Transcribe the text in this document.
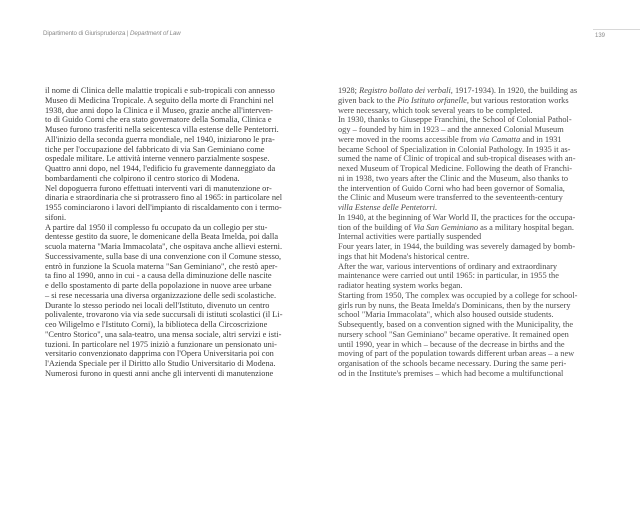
Dipartimento di Giurisprudenza | Department of Law	139
il nome di Clinica delle malattie tropicali e sub-tropicali con annesso
Museo di Medicina Tropicale. A seguito della morte di Franchini nel
1938, due anni dopo la Clinica e il Museo, grazie anche all'interven-
to di Guido Corni che era stato governatore della Somalia, Clinica e
Museo furono trasferiti nella seicentesca villa estense delle Pentetorri.
All'inizio della seconda guerra mondiale, nel 1940, iniziarono le pra-
tiche per l'occupazione del fabbricato di via San Geminiano come
ospedale militare. Le attività interne vennero parzialmente sospese.
Quattro anni dopo, nel 1944, l'edificio fu gravemente danneggiato da
bombardamenti che colpirono il centro storico di Modena.
Nel dopoguerra furono effettuati interventi vari di manutenzione or-
dinaria e straordinaria che si protrassero fino al 1965: in particolare nel
1955 cominciarono i lavori dell'impianto di riscaldamento con i termo-
sifoni.
A partire dal 1950 il complesso fu occupato da un collegio per stu-
dentesse gestito da suore, le domenicane della Beata Imelda, poi dalla
scuola materna "Maria Immacolata", che ospitava anche allievi esterni.
Successivamente, sulla base di una convenzione con il Comune stesso,
entrò in funzione la Scuola materna "San Geminiano", che restò aper-
ta fino al 1990, anno in cui - a causa della diminuzione delle nascite
e dello spostamento di parte della popolazione in nuove aree urbane
– si rese necessaria una diversa organizzazione delle sedi scolastiche.
Durante lo stesso periodo nei locali dell'Istituto, divenuto un centro
polivalente, trovarono via via sede succursali di istituti scolastici (il Li-
ceo Wiligelmo e l'Istituto Corni), la biblioteca della Circoscrizione
"Centro Storico", una sala-teatro, una mensa sociale, altri servizi e isti-
tuzioni. In particolare nel 1975 iniziò a funzionare un pensionato uni-
versitario convenzionato dapprima con l'Opera Universitaria poi con
l'Azienda Speciale per il Diritto allo Studio Universitario di Modena.
Numerosi furono in questi anni anche gli interventi di manutenzione
1928; Registro bollato dei verbali, 1917-1934). In 1920, the building as
given back to the Pio Istituto orfanelle, but various restoration works
were necessary, which took several years to be completed.
In 1930, thanks to Giuseppe Franchini, the School of Colonial Pathol-
ogy – founded by him in 1923 – and the annexed Colonial Museum
were moved in the rooms accessible from via Camatta and in 1931
became School of Specialization in Colonial Pathology. In 1935 it as-
sumed the name of Clinic of tropical and sub-tropical diseases with an-
nexed Museum of Tropical Medicine. Following the death of Franchi-
ni in 1938, two years after the Clinic and the Museum, also thanks to
the intervention of Guido Corni who had been governor of Somalia,
the Clinic and Museum were transferred to the seventeenth-century
villa Estense delle Pentetorri.
In 1940, at the beginning of War World II, the practices for the occupa-
tion of the building of Via San Geminiano as a military hospital began.
Internal activities were partially suspended
Four years later, in 1944, the building was severely damaged by bomb-
ings that hit Modena's historical centre.
After the war, various interventions of ordinary and extraordinary
maintenance were carried out until 1965: in particular, in 1955 the
radiator heating system works began.
Starting from 1950, The complex was occupied by a college for school-
girls run by nuns, the Beata Imelda's Dominicans, then by the nursery
school "Maria Immacolata", which also housed outside students.
Subsequently, based on a convention signed with the Municipality, the
nursery school "San Geminiano" became operative. It remained open
until 1990, year in which – because of the decrease in births and the
moving of part of the population towards different urban areas – a new
organisation of the schools became necessary. During the same peri-
od in the Institute's premises – which had become a multifunctional
